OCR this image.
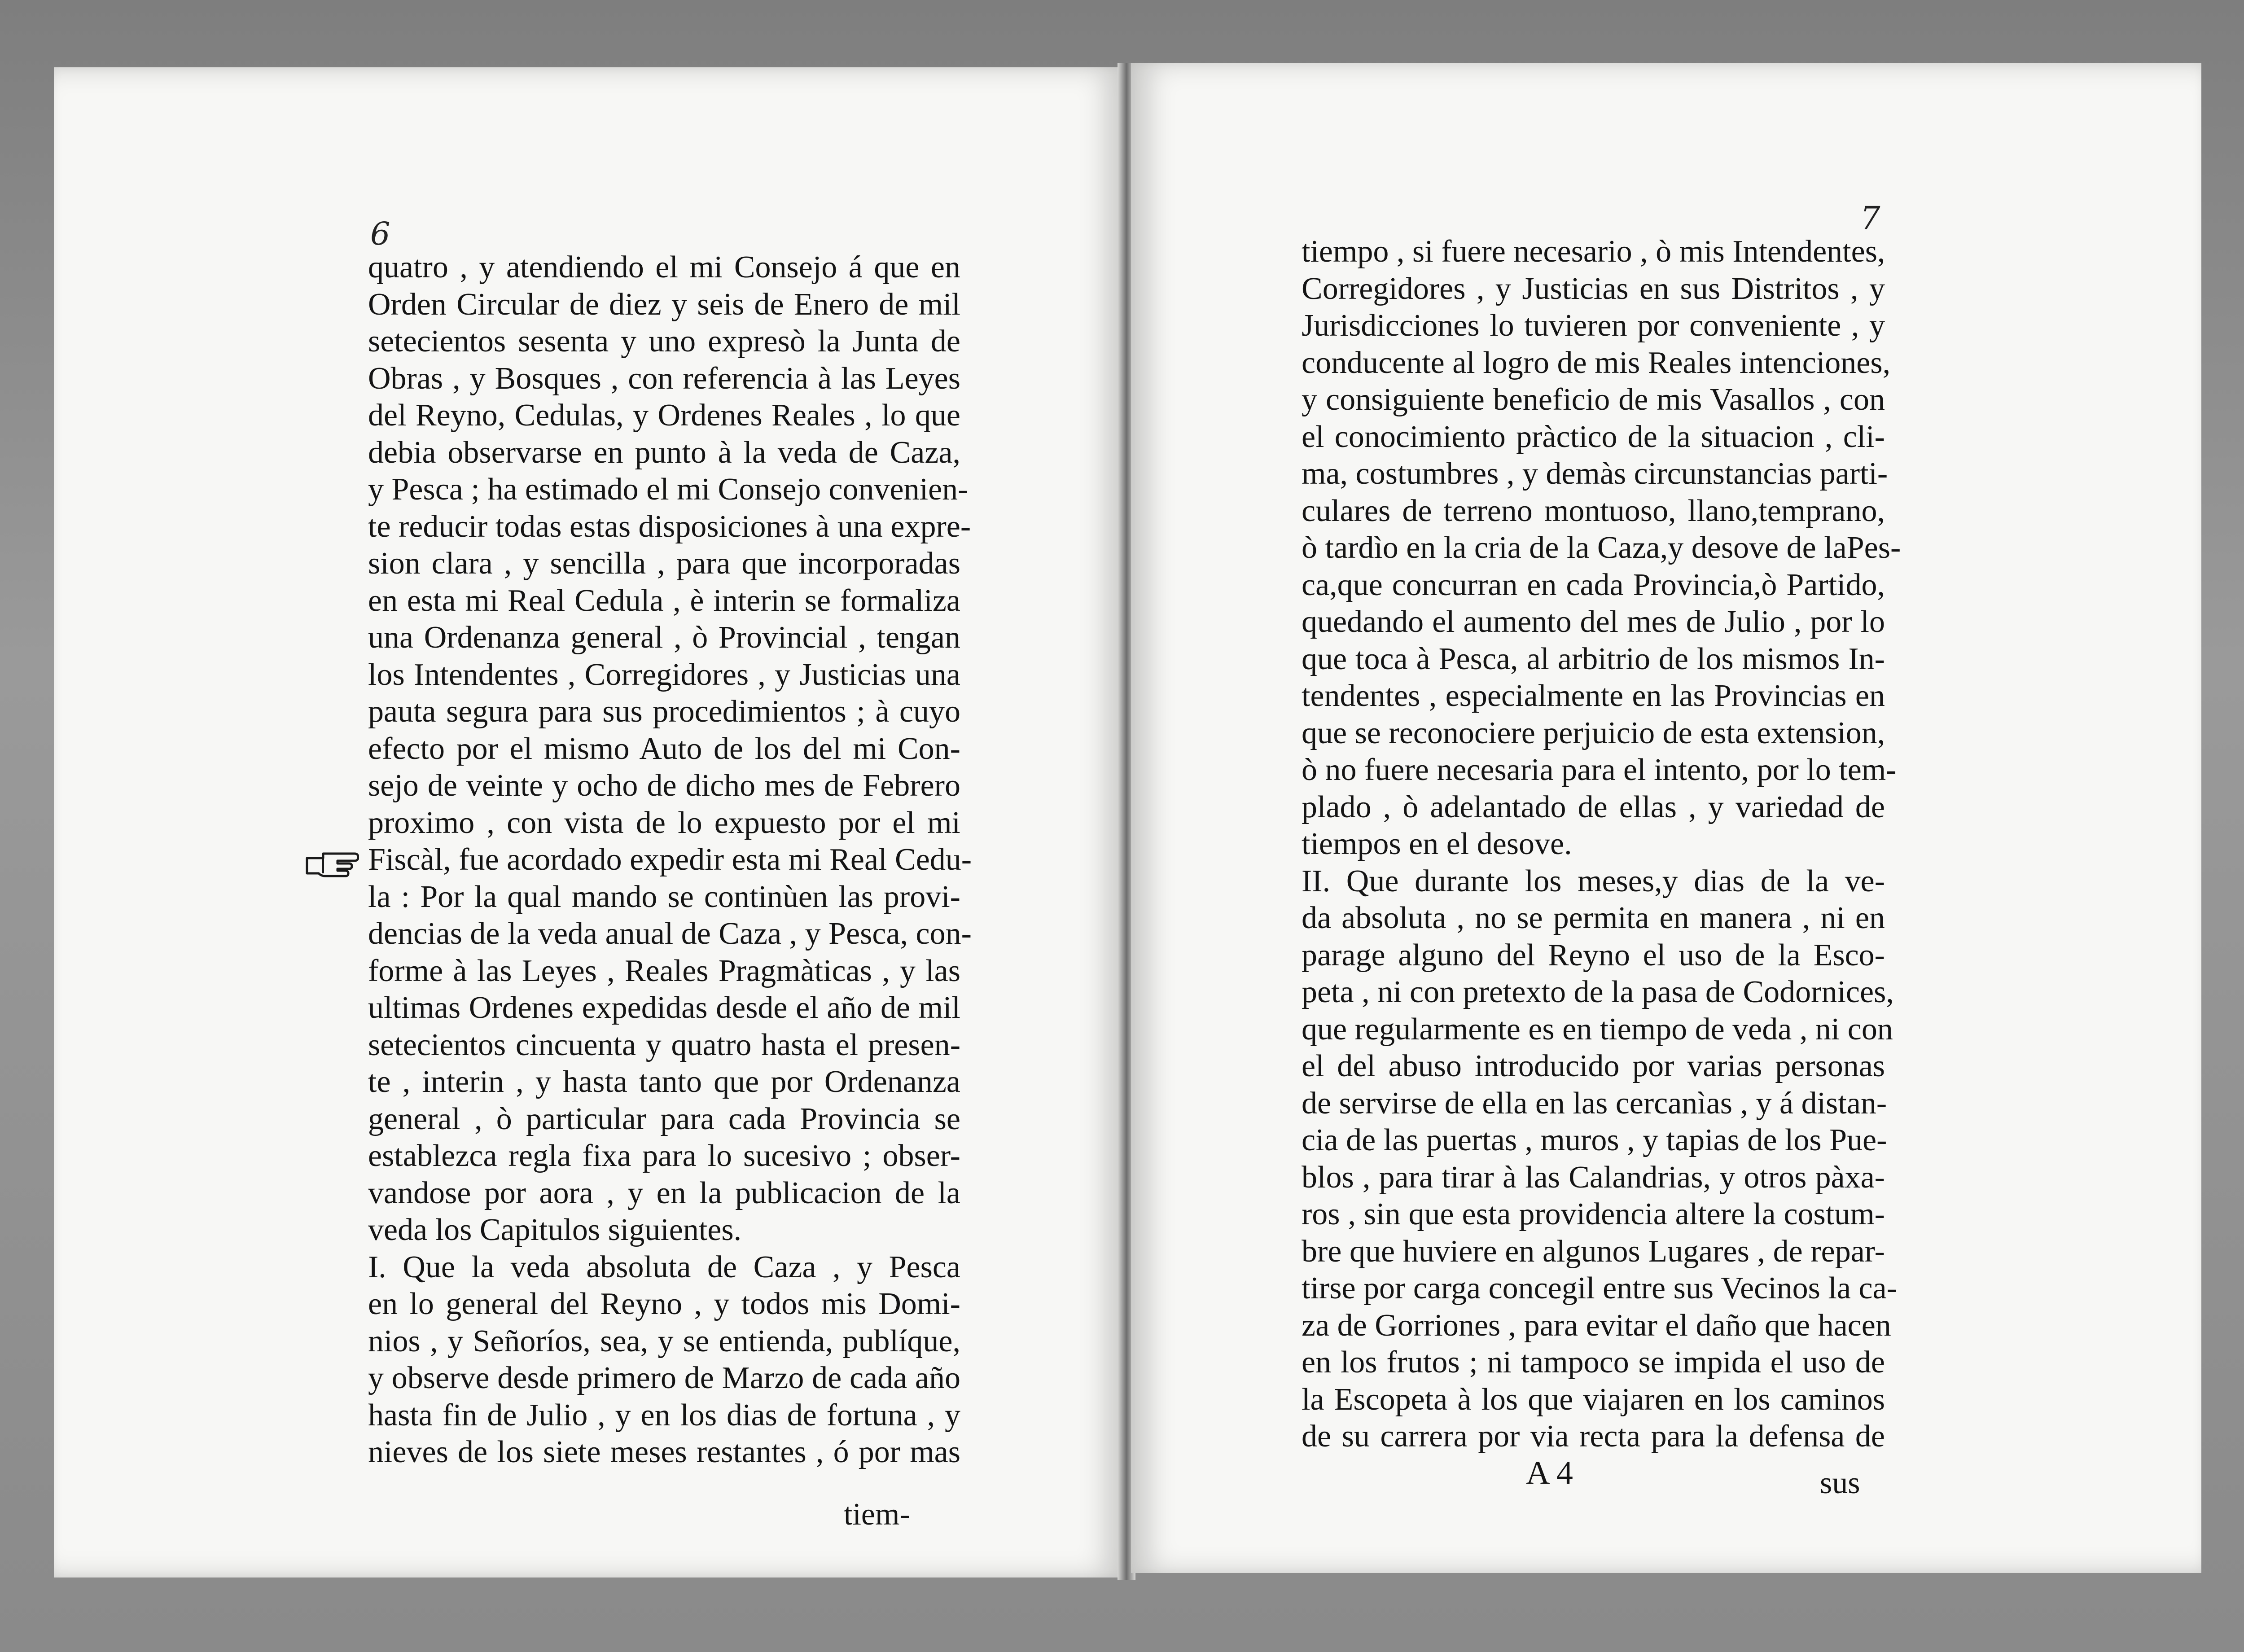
6
quatro , y atendiendo el mi Consejo á que en
Orden Circular de diez y seis de Enero de mil
setecientos sesenta y uno expresò la Junta de
Obras , y Bosques , con referencia à las Leyes
del Reyno, Cedulas, y Ordenes Reales , lo que
debia observarse en punto à la veda de Caza,
y Pesca ; ha estimado el mi Consejo convenien-
te reducir todas estas disposiciones à una expre-
sion clara , y sencilla , para que incorporadas
en esta mi Real Cedula , è interin se formaliza
una Ordenanza general , ò Provincial , tengan
los Intendentes , Corregidores , y Justicias una
pauta segura para sus procedimientos ; à cuyo
efecto por el mismo Auto de los del mi Con-
sejo de veinte y ocho de dicho mes de Febrero
proximo , con vista de lo expuesto por el mi
Fiscàl, fue acordado expedir esta mi Real Cedu-
la : Por la qual mando se continùen las provi-
dencias de la veda anual de Caza , y Pesca, con-
forme à las Leyes , Reales Pragmàticas , y las
ultimas Ordenes expedidas desde el año de mil
setecientos cincuenta y quatro hasta el presen-
te , interin , y hasta tanto que por Ordenanza
general , ò particular para cada Provincia se
establezca regla fixa para lo sucesivo ; obser-
vandose por aora , y en la publicacion de la
veda los Capitulos siguientes.
I. Que la veda absoluta de Caza , y Pesca
en lo general del Reyno , y todos mis Domi-
nios , y Señoríos, sea, y se entienda, publíque,
y observe desde primero de Marzo de cada año
hasta fin de Julio , y en los dias de fortuna , y
nieves de los siete meses restantes , ó por mas
tiem-
7
tiempo , si fuere necesario , ò mis Intendentes,
Corregidores , y Justicias en sus Distritos , y
Jurisdicciones lo tuvieren por conveniente , y
conducente al logro de mis Reales intenciones,
y consiguiente beneficio de mis Vasallos , con
el conocimiento pràctico de la situacion , cli-
ma, costumbres , y demàs circunstancias parti-
culares de terreno montuoso, llano,temprano,
ò tardìo en la cria de la Caza,y desove de laPes-
ca,que concurran en cada Provincia,ò Partido,
quedando el aumento del mes de Julio , por lo
que toca à Pesca, al arbitrio de los mismos In-
tendentes , especialmente en las Provincias en
que se reconociere perjuicio de esta extension,
ò no fuere necesaria para el intento, por lo tem-
plado , ò adelantado de ellas , y variedad de
tiempos en el desove.
II. Que durante los meses,y dias de la ve-
da absoluta , no se permita en manera , ni en
parage alguno del Reyno el uso de la Esco-
peta , ni con pretexto de la pasa de Codornices,
que regularmente es en tiempo de veda , ni con
el del abuso introducido por varias personas
de servirse de ella en las cercanìas , y á distan-
cia de las puertas , muros , y tapias de los Pue-
blos , para tirar à las Calandrias, y otros pàxa-
ros , sin que esta providencia altere la costum-
bre que huviere en algunos Lugares , de repar-
tirse por carga concegil entre sus Vecinos la ca-
za de Gorriones , para evitar el daño que hacen
en los frutos ; ni tampoco se impida el uso de
la Escopeta à los que viajaren en los caminos
de su carrera por via recta para la defensa de
A 4	sus
